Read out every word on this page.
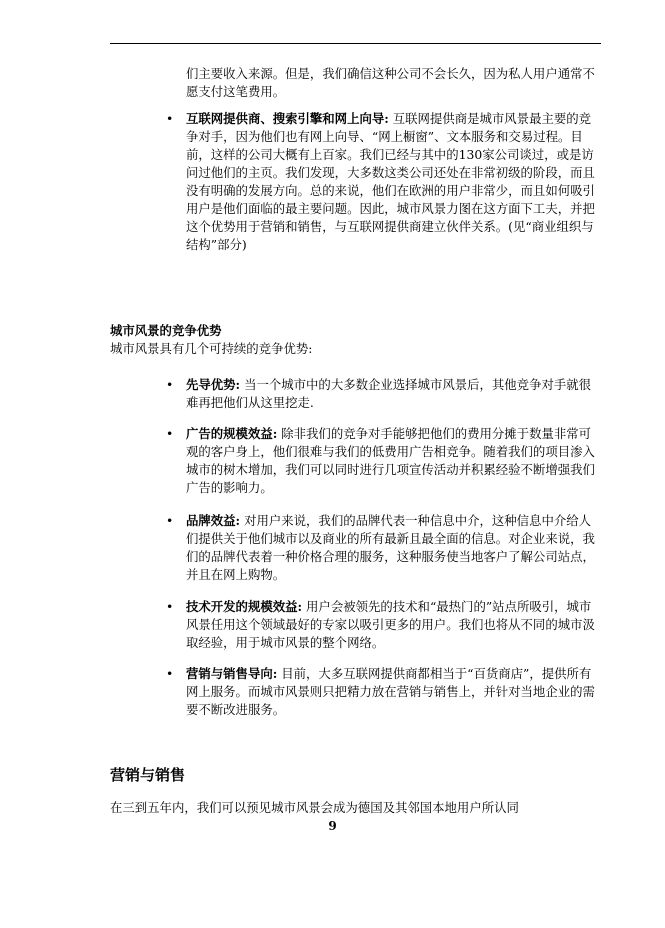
们主要收入来源。但是，我们确信这种公司不会长久，因为私人用户通常不愿支付这笔费用。

•	互联网提供商、搜索引擎和网上向导: 互联网提供商是城市风景最主要的竞争对手，因为他们也有网上向导、“网上橱窗”、文本服务和交易过程。目前，这样的公司大概有上百家。我们已经与其中的130家公司谈过，或是访问过他们的主页。我们发现，大多数这类公司还处在非常初级的阶段，而且没有明确的发展方向。总的来说，他们在欧洲的用户非常少，而且如何吸引用户是他们面临的最主要问题。因此，城市风景力图在这方面下工夫，并把这个优势用于营销和销售，与互联网提供商建立伙伴关系。(见“商业组织与结构”部分)

城市风景的竞争优势
城市风景具有几个可持续的竞争优势:
•	先导优势: 当一个城市中的大多数企业选择城市风景后，其他竞争对手就很难再把他们从这里挖走.

•	广告的规模效益: 除非我们的竞争对手能够把他们的费用分摊于数量非常可观的客户身上，他们很难与我们的低费用广告相竞争。随着我们的项目渗入城市的树木增加，我们可以同时进行几项宣传活动并积累经验不断增强我们广告的影响力。

•	品牌效益: 对用户来说，我们的品牌代表一种信息中介，这种信息中介给人们提供关于他们城市以及商业的所有最新且最全面的信息。对企业来说，我们的品牌代表着一种价格合理的服务，这种服务使当地客户了解公司站点，并且在网上购物。

•	技术开发的规模效益: 用户会被领先的技术和“最热门的”站点所吸引，城市风景任用这个领域最好的专家以吸引更多的用户。我们也将从不同的城市汲取经验，用于城市风景的整个网络。

•	营销与销售导向: 目前，大多互联网提供商都相当于“百货商店”，提供所有网上服务。而城市风景则只把精力放在营销与销售上，并针对当地企业的需要不断改进服务。

营销与销售
在三到五年内，我们可以预见城市风景会成为德国及其邻国本地用户所认同
9
